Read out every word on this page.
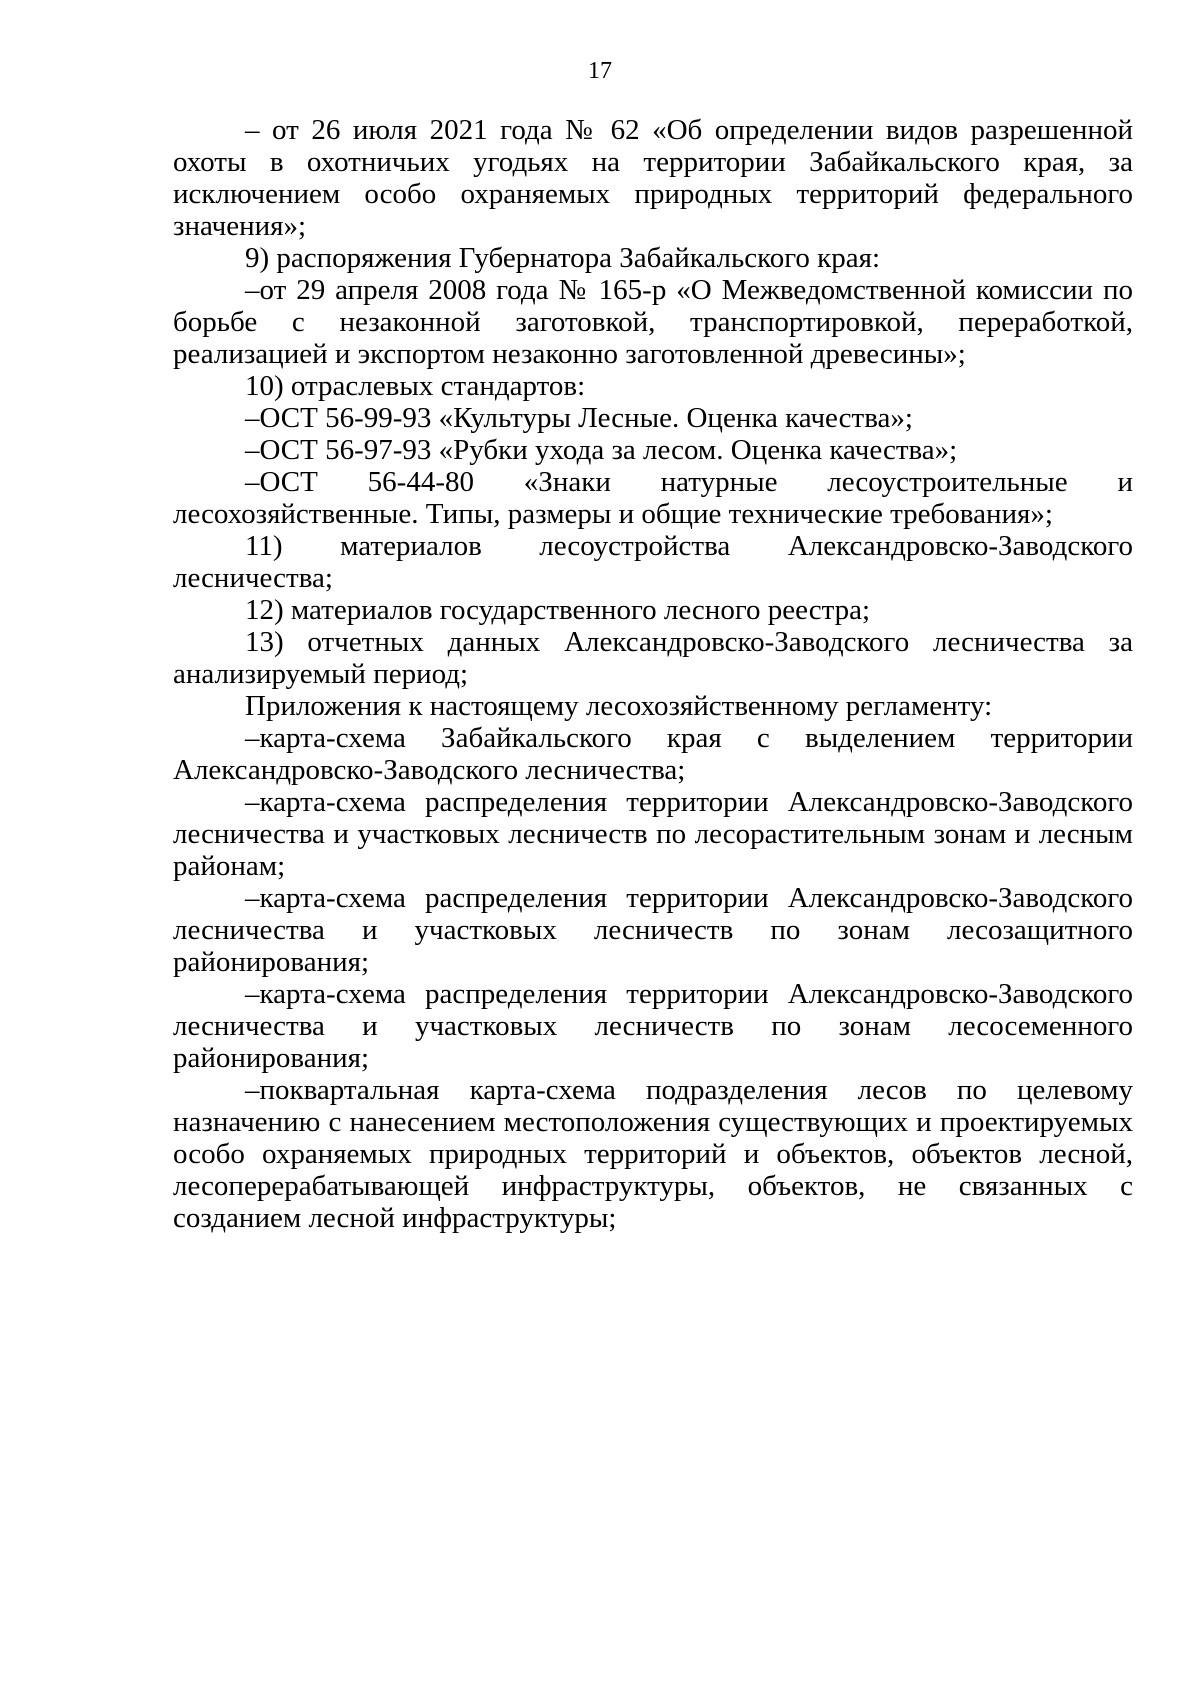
17

– от 26 июля 2021 года № 62 «Об определении видов разрешенной охоты в охотничьих угодьях на территории Забайкальского края, за исключением особо охраняемых природных территорий федерального значения»;

9) распоряжения Губернатора Забайкальского края:

–от 29 апреля 2008 года № 165-р «О Межведомственной комиссии по борьбе с незаконной заготовкой, транспортировкой, переработкой, реализацией и экспортом незаконно заготовленной древесины»;

10) отраслевых стандартов:

–ОСТ 56-99-93 «Культуры Лесные. Оценка качества»;

–ОСТ 56-97-93 «Рубки ухода за лесом. Оценка качества»;

–ОСТ 56-44-80 «Знаки натурные лесоустроительные и лесохозяйственные. Типы, размеры и общие технические требования»;

11) материалов лесоустройства Александровско-Заводского лесничества;

12) материалов государственного лесного реестра;

13) отчетных данных Александровско-Заводского лесничества за анализируемый период;

Приложения к настоящему лесохозяйственному регламенту:

–карта-схема Забайкальского края с выделением территории Александровско-Заводского лесничества;

–карта-схема распределения территории Александровско-Заводского лесничества и участковых лесничеств по лесорастительным зонам и лесным районам;

–карта-схема распределения территории Александровско-Заводского лесничества и участковых лесничеств по зонам лесозащитного районирования;

–карта-схема распределения территории Александровско-Заводского лесничества и участковых лесничеств по зонам лесосеменного районирования;

–поквартальная карта-схема подразделения лесов по целевому назначению с нанесением местоположения существующих и проектируемых особо охраняемых природных территорий и объектов, объектов лесной, лесоперерабатывающей инфраструктуры, объектов, не связанных с созданием лесной инфраструктуры;
